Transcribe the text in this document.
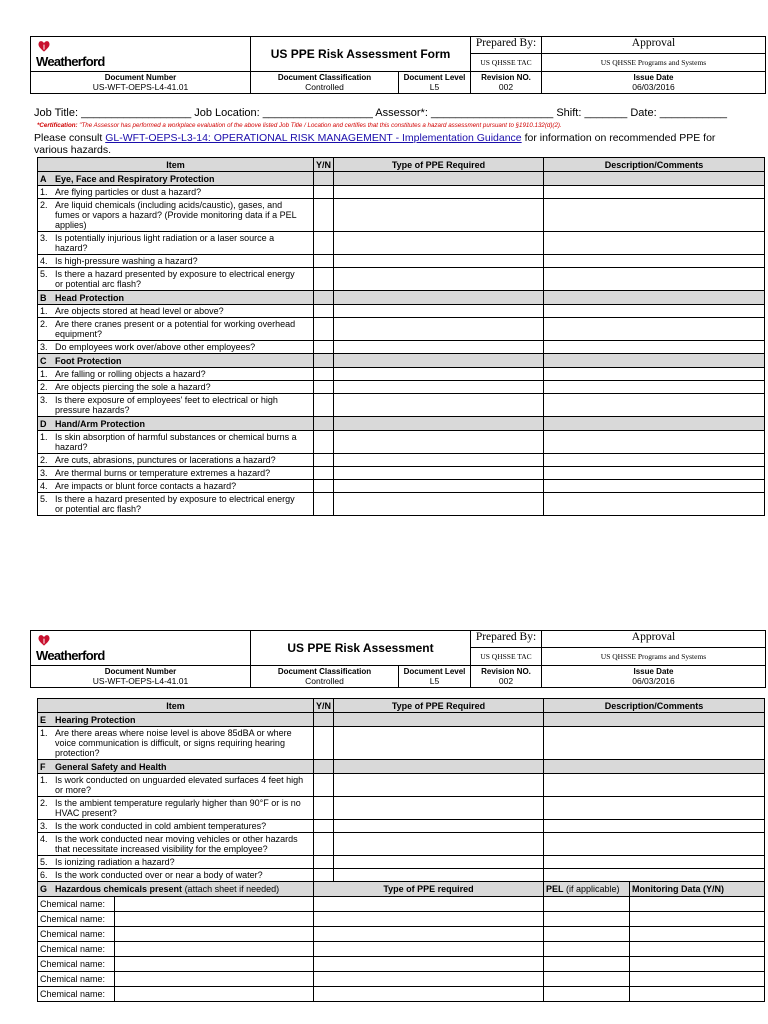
Weatherford	US PPE Risk Assessment Form	Prepared By:	Approval
		US QHSSE TAC	US QHSSE Programs and Systems
Document Number
US-WFT-OEPS-L4-41.01

Document Classification
Controlled

Document Level
L5

Revision NO.
002

Issue Date
06/03/2016
Job Title: __________________ Job Location: __________________ Assessor*: ____________________ Shift: _______ Date: ___________
*Certification: "The Assessor has performed a workplace evaluation of the above listed Job Title / Location and certifies that this constitutes a hazard assessment pursuant to §1910.132(d)(2).
Please consult GL-WFT-OEPS-L3-14: OPERATIONAL RISK MANAGEMENT - Implementation Guidance for information on recommended PPE for various hazards.
Item	Y/N	Type of PPE Required	Description/Comments
A Eye, Face and Respiratory Protection			
1. Are flying particles or dust a hazard?			
2. Are liquid chemicals (including acids/caustic), gases, and fumes or vapors a hazard? (Provide monitoring data if a PEL applies)			
3. Is potentially injurious light radiation or a laser source a hazard?			
4. Is high-pressure washing a hazard?			
5. Is there a hazard presented by exposure to electrical energy or potential arc flash?			
B Head Protection			
1. Are objects stored at head level or above?			
2. Are there cranes present or a potential for working overhead equipment?			
3. Do employees work over/above other employees?			
C Foot Protection			
1. Are falling or rolling objects a hazard?			
2. Are objects piercing the sole a hazard?			
3. Is there exposure of employees' feet to electrical or high pressure hazards?			
D Hand/Arm Protection			
1. Is skin absorption of harmful substances or chemical burns a hazard?			
2. Are cuts, abrasions, punctures or lacerations a hazard?			
3. Are thermal burns or temperature extremes a hazard?			
4. Are impacts or blunt force contacts a hazard?			
5. Is there a hazard presented by exposure to electrical energy or potential arc flash?			
Weatherford	US PPE Risk Assessment	Prepared By:	Approval
		US QHSSE TAC	US QHSSE Programs and Systems
Document Number
US-WFT-OEPS-L4-41.01

Document Classification
Controlled

Document Level
L5

Revision NO.
002

Issue Date
06/03/2016
Item	Y/N	Type of PPE Required	Description/Comments
E Hearing Protection			
1. Are there areas where noise level is above 85dBA or where voice communication is difficult, or signs requiring hearing protection?			
F General Safety and Health			
1. Is work conducted on unguarded elevated surfaces 4 feet high or more?			
2. Is the ambient temperature regularly higher than 90°F or is no HVAC present?			
3. Is the work conducted in cold ambient temperatures?			
4. Is the work conducted near moving vehicles or other hazards that necessitate increased visibility for the employee?			
5. Is ionizing radiation a hazard?			
6. Is the work conducted over or near a body of water?			
G Hazardous chemicals present (attach sheet if needed)		Type of PPE required	PEL (if applicable)	Monitoring Data (Y/N)
Chemical name:				
Chemical name:				
Chemical name:				
Chemical name:				
Chemical name:				
Chemical name:				
Chemical name:				
